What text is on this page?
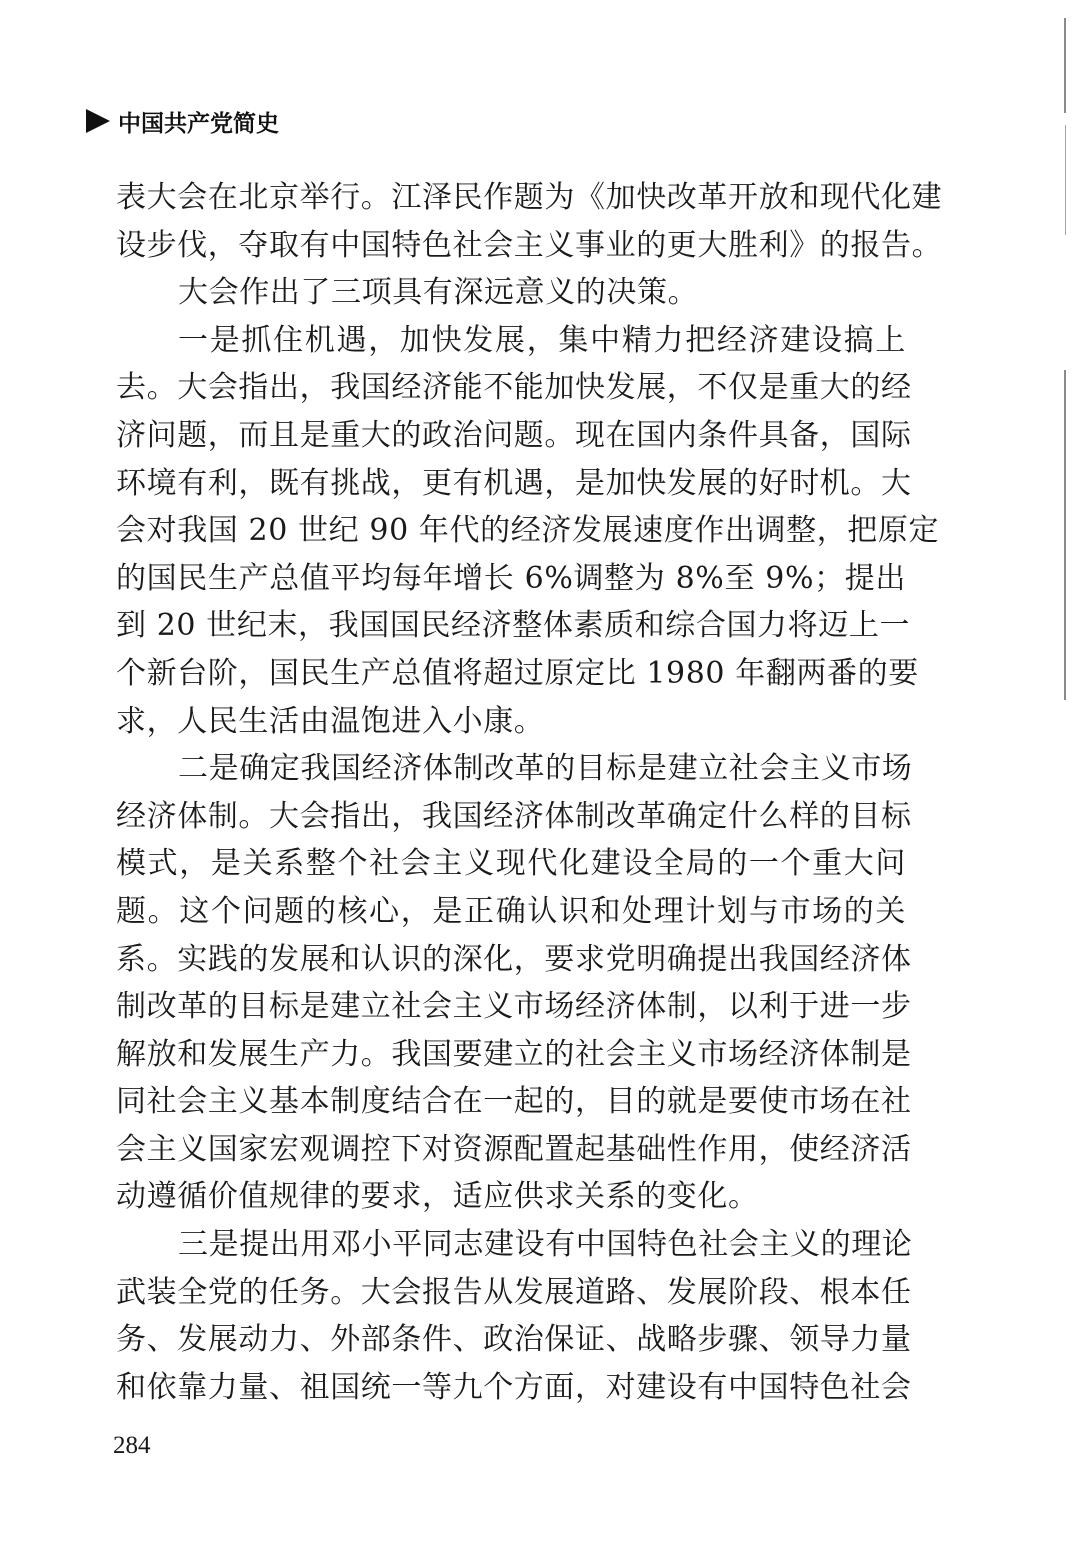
中国共产党简史
表大会在北京举行。江泽民作题为《加快改革开放和现代化建
设步伐，夺取有中国特色社会主义事业的更大胜利》的报告。
大会作出了三项具有深远意义的决策。
一是抓住机遇，加快发展，集中精力把经济建设搞上
去。大会指出，我国经济能不能加快发展，不仅是重大的经
济问题，而且是重大的政治问题。现在国内条件具备，国际
环境有利，既有挑战，更有机遇，是加快发展的好时机。大
会对我国 20 世纪 90 年代的经济发展速度作出调整，把原定
的国民生产总值平均每年增长 6%调整为 8%至 9%；提出
到 20 世纪末，我国国民经济整体素质和综合国力将迈上一
个新台阶，国民生产总值将超过原定比 1980 年翻两番的要
求，人民生活由温饱进入小康。
二是确定我国经济体制改革的目标是建立社会主义市场
经济体制。大会指出，我国经济体制改革确定什么样的目标
模式，是关系整个社会主义现代化建设全局的一个重大问
题。这个问题的核心，是正确认识和处理计划与市场的关
系。实践的发展和认识的深化，要求党明确提出我国经济体
制改革的目标是建立社会主义市场经济体制，以利于进一步
解放和发展生产力。我国要建立的社会主义市场经济体制是
同社会主义基本制度结合在一起的，目的就是要使市场在社
会主义国家宏观调控下对资源配置起基础性作用，使经济活
动遵循价值规律的要求，适应供求关系的变化。
三是提出用邓小平同志建设有中国特色社会主义的理论
武装全党的任务。大会报告从发展道路、发展阶段、根本任
务、发展动力、外部条件、政治保证、战略步骤、领导力量
和依靠力量、祖国统一等九个方面，对建设有中国特色社会
284
